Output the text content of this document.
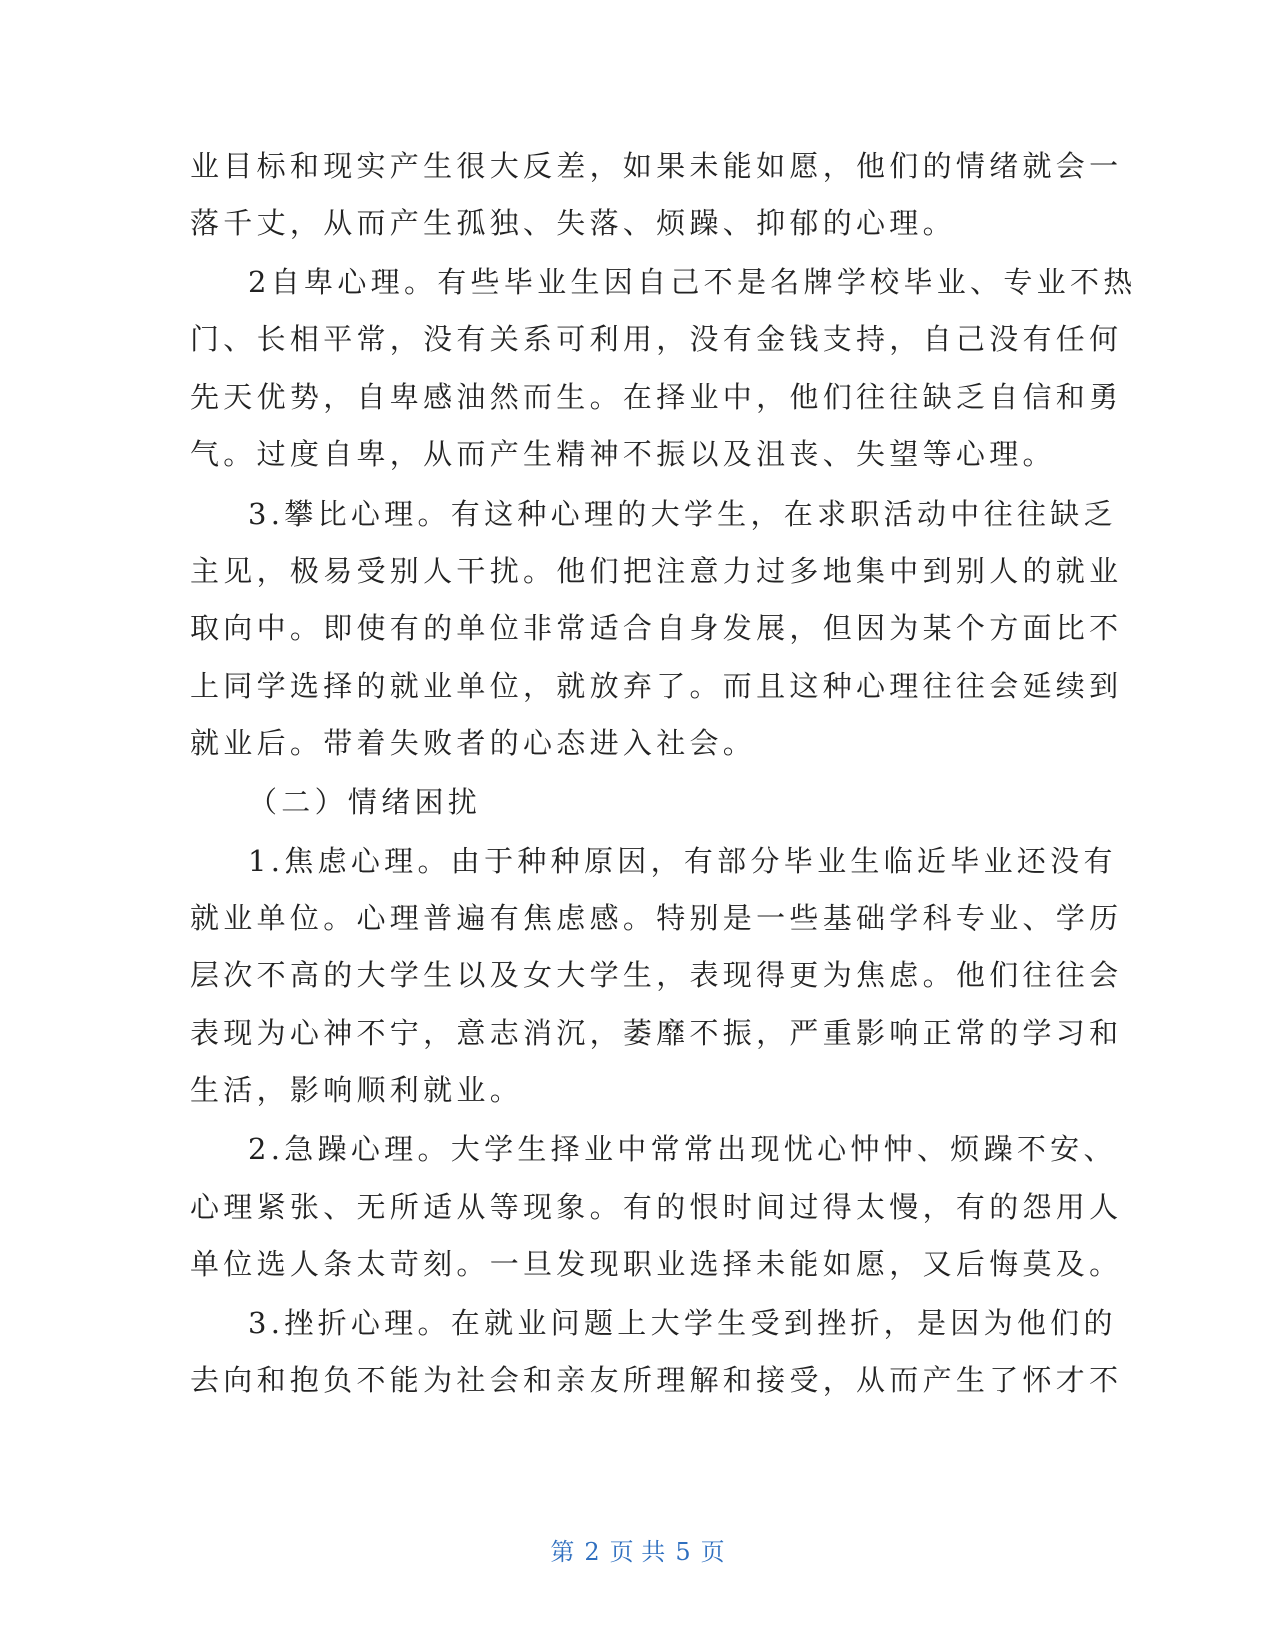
业目标和现实产生很大反差，如果未能如愿，他们的情绪就会一
落千丈，从而产生孤独、失落、烦躁、抑郁的心理。
2自卑心理。有些毕业生因自己不是名牌学校毕业、专业不热
门、长相平常，没有关系可利用，没有金钱支持，自己没有任何
先天优势，自卑感油然而生。在择业中，他们往往缺乏自信和勇
气。过度自卑，从而产生精神不振以及沮丧、失望等心理。
3.攀比心理。有这种心理的大学生，在求职活动中往往缺乏
主见，极易受别人干扰。他们把注意力过多地集中到别人的就业
取向中。即使有的单位非常适合自身发展，但因为某个方面比不
上同学选择的就业单位，就放弃了。而且这种心理往往会延续到
就业后。带着失败者的心态进入社会。
（二）情绪困扰
1.焦虑心理。由于种种原因，有部分毕业生临近毕业还没有
就业单位。心理普遍有焦虑感。特别是一些基础学科专业、学历
层次不高的大学生以及女大学生，表现得更为焦虑。他们往往会
表现为心神不宁，意志消沉，萎靡不振，严重影响正常的学习和
生活，影响顺利就业。
2.急躁心理。大学生择业中常常出现忧心忡忡、烦躁不安、
心理紧张、无所适从等现象。有的恨时间过得太慢，有的怨用人
单位选人条太苛刻。一旦发现职业选择未能如愿，又后悔莫及。
3.挫折心理。在就业问题上大学生受到挫折，是因为他们的
去向和抱负不能为社会和亲友所理解和接受，从而产生了怀才不
第 2 页 共 5 页
